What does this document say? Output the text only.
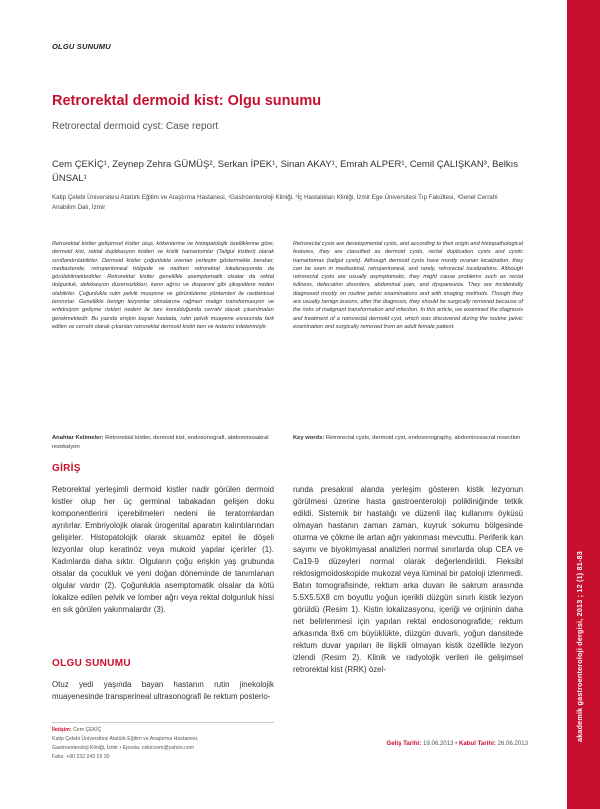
OLGU SUNUMU
Retrorektal dermoid kist: Olgu sunumu
Retrorectal dermoid cyst: Case report
Cem ÇEKİÇ¹, Zeynep Zehra GÜMÜŞ², Serkan İPEK¹, Sinan AKAY¹, Emrah ALPER¹, Cemil ÇALIŞKAN³, Belkıs ÜNSAL¹
Katip Çelebi Üniversitesi Atatürk Eğitim ve Araştırma Hastanesi, ¹Gastroenteroloji Kliniği, ²İç Hastalıkları Kliniği, İzmir Ege Üniversitesi Tıp Fakültesi, ³Genel Cerrahi Anabilim Dalı, İzmir

Retrorektal kistler gelişimsel kistler olup, kökenlerine ve histopatolojik özelliklerine göre; dermoid kist, rektal duplikasyon kistleri ve kistik hamartomlar (Tailgut kistleri) olarak sınıflandırılabilirler. Dermoid kistler çoğunlukla overian yerleşim göstermekle beraber, mediastende, retroperitoneal bölgede ve nadiren retrorektal lokalizasyonda da görülebilmektedirler. Retrorektal kistler genellikle asemptomatik olsalar da rektal dolgunluk, defekasyon düzensizlikleri, karın ağrısı ve disparoni gibi şikayetlere neden olabilirler. Çoğunlukla rutin pelvik muayene ve görüntüleme yöntemleri ile rastlantısal tanınırlar. Genellikle benign lezyonlar olmalarına rağmen malign transformasyon ve enfeksiyon gelişme riskleri nedeni ile tanı konulduğunda cerrahi olarak çıkarılmaları gerekmektedir. Bu yazıda erişkin bayan hastada, rutin pelvik muayene esnasında fark edilen ve cerrahi olarak çıkarılan retrorektal dermoid kistin tanı ve tedavisi irdelenmiştir.

Retrorectal cysts are developmental cysts, and according to their origin and histopathological features, they are classified as dermoid cysts, rectal duplication cysts and cystic hamartomas (tailgut cysts). Although dermoid cysts have mostly ovarian localization, they can be seen in mediastinal, retroperitoneal, and rarely, retrorectal localizations. Although retrorectal cysts are usually asymptomatic, they might cause problems such as rectal fullness, defecation disorders, abdominal pain, and dyspareunia. They are incidentally diagnosed mostly on routine pelvic examinations and with imaging methods. Though they are usually benign lesions, after the diagnosis, they should be surgically removed because of the risks of malignant transformation and infection. In this article, we examined the diagnosis and treatment of a retrorectal dermoid cyst, which was discovered during the routine pelvic examination and surgically removed from an adult female patient.

Anahtar Kelimeler: Retrorektal kistler, dermoid kist, endosonografi, abdominosakral rezeksiyon
Key words: Retrorectal cysts, dermoid cyst, endosonography, abdominosacral resection
GİRİŞ

Retrorektal yerleşimli dermoid kistler nadir görülen dermoid kistler olup her üç germinal tabakadan gelişen doku komponentlerini içerebilmeleri nedeni ile teratomlardan ayrılırlar. Embriyolojik olarak ürogenital aparatın kalıntılarından gelişirler. Histopatolojik olarak skuamöz epitel ile döşeli lezyonlar olup keratinöz veya mukoid yapılar içerirler (1). Kadınlarda daha sıktır. Olguların çoğu erişkin yaş grubunda olsalar da çocukluk ve yeni doğan döneminde de tanımlanan olgular vardır (2). Çoğunlukla asemptomatik olsalar da kötü lokalize edilen pelvik ve lomber ağrı veya rektal dolgunluk hissi en sık görülen yakınmalardır (3).

OLGU SUNUMU

Otuz yedi yaşında bayan hastanın rutin jinekolojik muayenesinde transperineal ultrasonografi ile rektum posterio-

runda presakral alanda yerleşim gösteren kistik lezyonun görülmesi üzerine hasta gastroenteroloji polikliniğinde tetkik edildi. Sistemik bir hastalığı ve düzenli ilaç kullanımı öyküsü olmayan hastanın zaman zaman, kuyruk sokumu bölgesinde oturma ve çökme ile artan ağrı yakınması mevcuttu. Periferik kan sayımı ve biyokimyasal analizleri normal sınırlarda olup CEA ve Ca19-9 düzeyleri normal olarak değerlendirildi. Fleksibl rektosigmoidoskopide mukozal veya lüminal bir patoloji izlenmedi. Batın tomografisinde, rektum arka duvarı ile sakrum arasında 5.5X5.5X8 cm boyutlu yoğun içerikli düzgün sınırlı kistik lezyon görüldü (Resim 1). Kistin lokalizasyonu, içeriği ve orjininin daha net belirlenmesi için yapılan rektal endosonografide; rektum arkasında 8x6 cm büyüklükte, düzgün duvarlı, yoğun dansitede rektum duvar yapıları ile ilişkili olmayan kistik özellikte lezyon izlendi (Resim 2). Klinik ve radyolojik verileri ile gelişimsel retrorektal kist (RRK) özel-

İletişim: Cem ÇEKİÇ
Katip Çelebi Üniversitesi Atatürk Eğitim ve Araştırma Hastanesi,
Gastroenteroloji Kliniği, İzmir • Eposta: cekiccem@yahoo.com
Faks: +90 232 243 15 30
Geliş Tarihi: 19.06.2013 • Kabul Tarihi: 26.06.2013
akademik gastroenteroloji dergisi, 2013 ; 12 (1) 81-83
